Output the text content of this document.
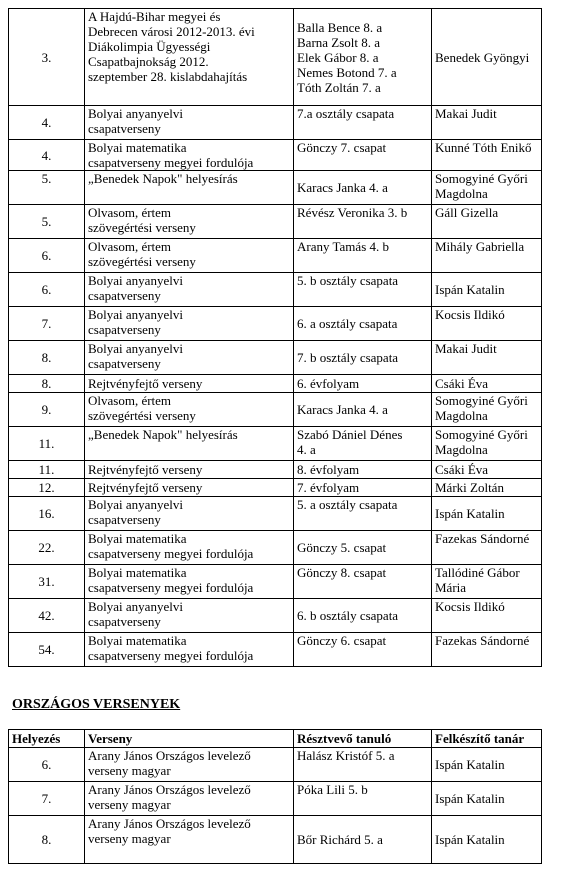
3.	A Hajdú-Bihar megyei és
Debrecen városi 2012-2013. évi
Diákolimpia Ügyességi
Csapatbajnokság 2012.
szeptember 28. kislabdahajítás	Balla Bence 8. a
Barna Zsolt 8. a
Elek Gábor 8. a
Nemes Botond 7. a
Tóth Zoltán 7. a	Benedek Gyöngyi

4.	Bolyai anyanyelvi
csapatverseny	7.a osztály csapata	Makai Judit

4.	Bolyai matematika
csapatverseny megyei fordulója	Gönczy 7. csapat	Kunné Tóth Enikő

5.	„Benedek Napok" helyesírás	Karacs Janka 4. a	Somogyiné Győri
Magdolna

5.	Olvasom, értem
szövegértési verseny	Révész Veronika 3. b	Gáll Gizella

6.	Olvasom, értem
szövegértési verseny	Arany Tamás 4. b	Mihály Gabriella

6.	Bolyai anyanyelvi
csapatverseny	5. b osztály csapata	Ispán Katalin

7.	Bolyai anyanyelvi
csapatverseny	6. a osztály csapata	Kocsis Ildikó

8.	Bolyai anyanyelvi
csapatverseny	7. b osztály csapata	Makai Judit

8.	Rejtvényfejtő verseny	6. évfolyam	Csáki Éva

9.	Olvasom, értem
szövegértési verseny	Karacs Janka 4. a	Somogyiné Győri
Magdolna

11.	„Benedek Napok" helyesírás	Szabó Dániel Dénes
4. a	Somogyiné Győri
Magdolna

11.	Rejtvényfejtő verseny	8. évfolyam	Csáki Éva

12.	Rejtvényfejtő verseny	7. évfolyam	Márki Zoltán

16.	Bolyai anyanyelvi
csapatverseny	5. a osztály csapata	Ispán Katalin

22.	Bolyai matematika
csapatverseny megyei fordulója	Gönczy 5. csapat	Fazekas Sándorné

31.	Bolyai matematika
csapatverseny megyei fordulója	Gönczy 8. csapat	Tallódiné Gábor
Mária

42.	Bolyai anyanyelvi
csapatverseny	6. b osztály csapata	Kocsis Ildikó

54.	Bolyai matematika
csapatverseny megyei fordulója	Gönczy 6. csapat	Fazekas Sándorné
ORSZÁGOS VERSENYEK
Helyezés	Verseny	Résztvevő tanuló	Felkészítő tanár
6.	Arany János Országos levelező
verseny magyar	Halász Kristóf 5. a	Ispán Katalin

7.	Arany János Országos levelező
verseny magyar	Póka Lili 5. b	Ispán Katalin

8.	Arany János Országos levelező
verseny magyar	Bőr Richárd 5. a	Ispán Katalin
